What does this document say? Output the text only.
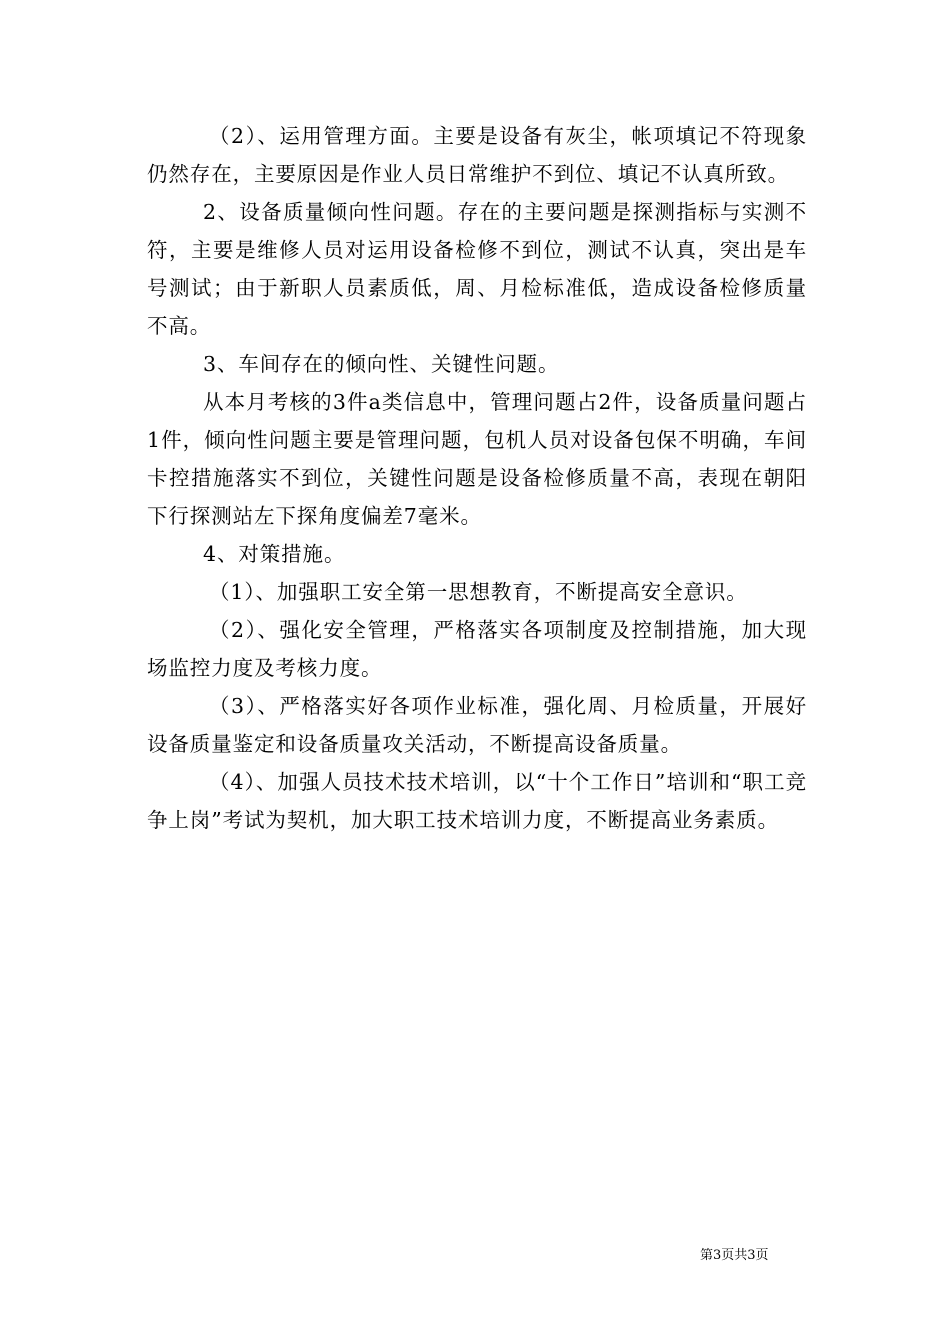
（2）、运用管理方面。主要是设备有灰尘，帐项填记不符现象仍然存在，主要原因是作业人员日常维护不到位、填记不认真所致。

2、设备质量倾向性问题。存在的主要问题是探测指标与实测不符，主要是维修人员对运用设备检修不到位，测试不认真，突出是车号测试；由于新职人员素质低，周、月检标准低，造成设备检修质量不高。

3、车间存在的倾向性、关键性问题。

从本月考核的3件a类信息中，管理问题占2件，设备质量问题占1件，倾向性问题主要是管理问题，包机人员对设备包保不明确，车间卡控措施落实不到位，关键性问题是设备检修质量不高，表现在朝阳下行探测站左下探角度偏差7毫米。

4、对策措施。

（1）、加强职工安全第一思想教育，不断提高安全意识。

（2）、强化安全管理，严格落实各项制度及控制措施，加大现场监控力度及考核力度。

（3）、严格落实好各项作业标准，强化周、月检质量，开展好设备质量鉴定和设备质量攻关活动，不断提高设备质量。

（4）、加强人员技术技术培训，以“十个工作日”培训和“职工竞争上岗”考试为契机，加大职工技术培训力度，不断提高业务素质。

第3页共3页
